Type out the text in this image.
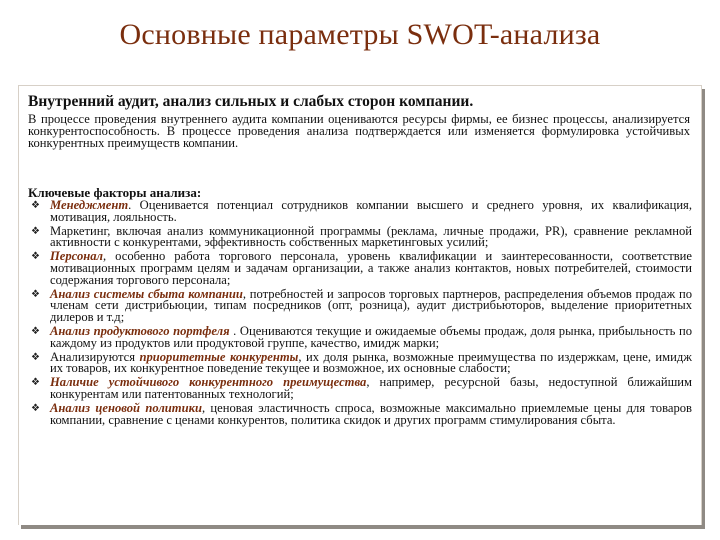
Основные параметры SWOT-анализа
Внутренний аудит, анализ сильных и слабых сторон компании.
В процессе проведения внутреннего аудита компании оцениваются ресурсы фирмы, ее бизнес процессы, анализируется конкурентоспособность. В процессе проведения анализа подтверждается или изменяется формулировка устойчивых конкурентных преимуществ компании.
Ключевые факторы анализа:
❖ Менеджмент. Оценивается потенциал сотрудников компании высшего и среднего уровня, их квалификация, мотивация, лояльность.
❖ Маркетинг, включая анализ коммуникационной программы (реклама, личные продажи, PR), сравнение рекламной активности с конкурентами, эффективность собственных маркетинговых усилий;
❖ Персонал, особенно работа торгового персонала, уровень квалификации и заинтересованности, соответствие мотивационных программ целям и задачам организации, а также анализ контактов, новых потребителей, стоимости содержания торгового персонала;
❖ Анализ системы сбыта компании, потребностей и запросов торговых партнеров, распределения объемов продаж по членам сети дистрибьюции, типам посредников (опт, розница), аудит дистрибьюторов, выделение приоритетных дилеров и т.д;
❖ Анализ продуктового портфеля . Оцениваются текущие и ожидаемые объемы продаж, доля рынка, прибыльность по каждому из продуктов или продуктовой группе, качество, имидж марки;
❖ Анализируются приоритетные конкуренты, их доля рынка, возможные преимущества по издержкам, цене, имидж их товаров, их конкурентное поведение текущее и возможное, их основные слабости;
❖ Наличие устойчивого конкурентного преимущества, например, ресурсной базы, недоступной ближайшим конкурентам или патентованных технологий;
❖ Анализ ценовой политики, ценовая эластичность спроса, возможные максимально приемлемые цены для товаров компании, сравнение с ценами конкурентов, политика скидок и других программ стимулирования сбыта.
